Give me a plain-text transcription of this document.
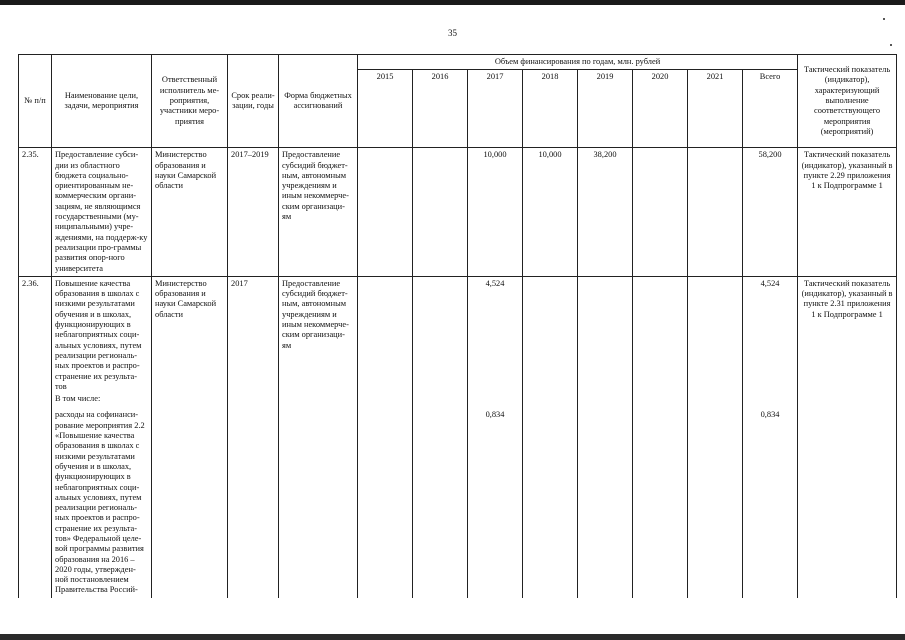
35
№ п/п	Наименование цели, задачи, мероприятия	Ответственный исполнитель ме-роприятия, участники меро-приятия	Срок реали-зации, годы	Форма бюджетных ассигнований	Объем финансирования по годам, млн. рублей								Тактический показатель (индикатор), характеризующий выполнение соответствующего мероприятия (мероприятий)
					2015	2016	2017	2018	2019	2020	2021	Всего	
2.35.	Предоставление субси-дии из областного бюджета социально-ориентированным не-коммерческим органи-зациям, не являющимся государственными (му-ниципальными) учре-ждениями, на поддерж-ку реализации про-граммы развития опор-ного университета	Министерство образования и науки Самарской области	2017–2019	Предоставление субсидий бюджет-ным, автономным учреждениям и иным некоммерче-ским организаци-ям			10,000	10,000	38,200			58,200	Тактический показатель (индикатор), указанный в пункте 2.29 приложения 1 к Подпрограмме 1
2.36.	Повышение качества образования в школах с низкими результатами обучения и в школах, функционирующих в неблагоприятных соци-альных условиях, путем реализации региональ-ных проектов и распро-странение их результа-тов	Министерство образования и науки Самарской области	2017	Предоставление субсидий бюджет-ным, автономным учреждениям и иным некоммерче-ским организаци-ям			4,524					4,524	Тактический показатель (индикатор), указанный в пункте 2.31 приложения 1 к Подпрограмме 1
	В том числе:												
	расходы на софинанси-рование мероприятия 2.2 «Повышение качества образования в школах с низкими результатами обучения и в школах, функционирующих в неблагоприятных соци-альных условиях, путем реализации региональ-ных проектов и распро-странение их результа-тов» Федеральной целе-вой программы развития образования на 2016 – 2020 годы, утвержден-ной постановлением Правительства Россий-						0,834					0,834	
